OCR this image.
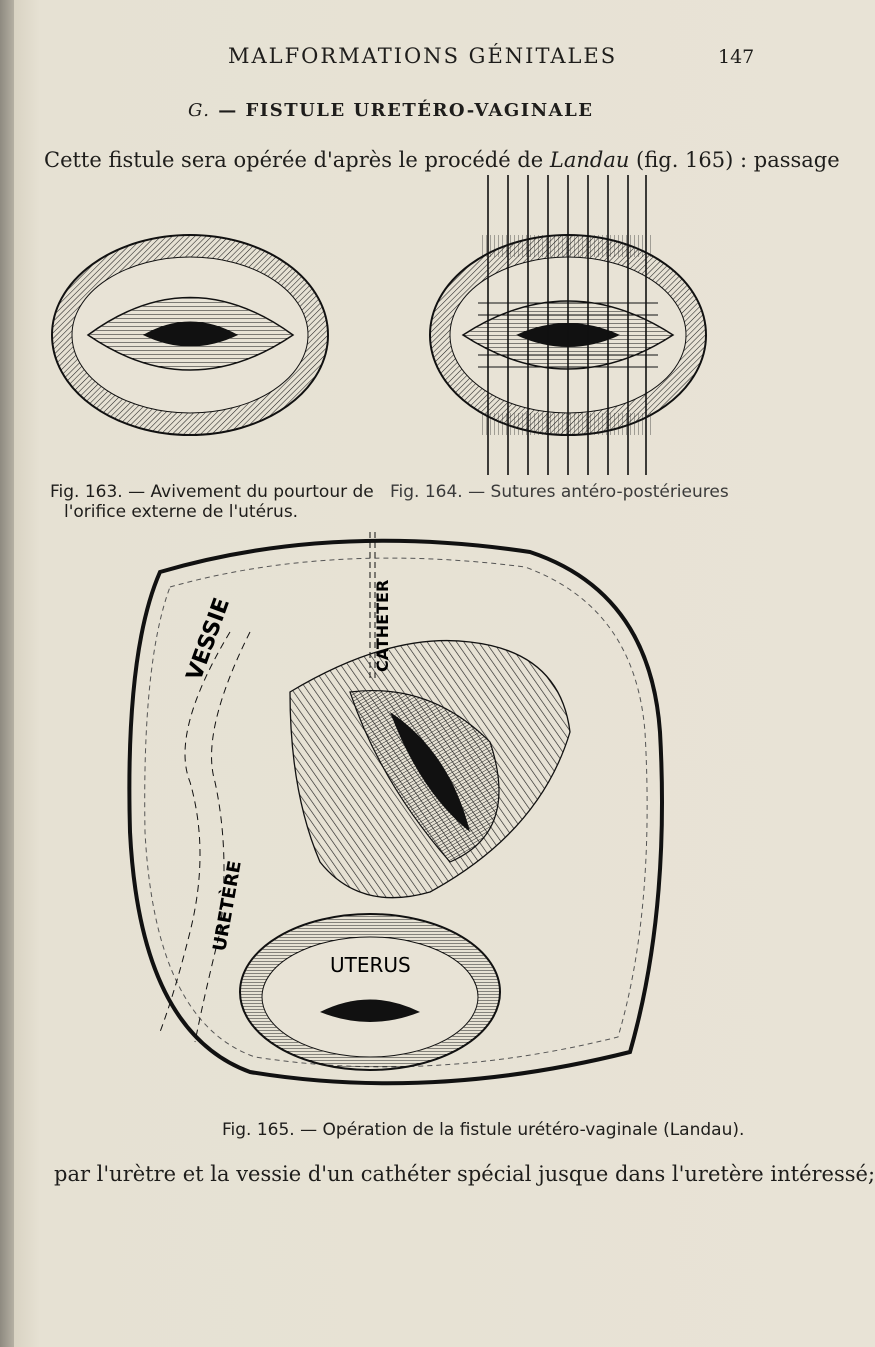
MALFORMATIONS GÉNITALES	147
G. — FISTULE URETÉRO-VAGINALE
Cette fistule sera opérée d'après le procédé de Landau (fig. 165) : passage
Fig. 163. — Avivement du pourtour de
l'orifice externe de l'utérus.
Fig. 164. — Sutures antéro-postérieures
CATHETER
VESSIE
UTERUS
URETÈRE
Fig. 165. — Opération de la fistule urétéro-vaginale (Landau).
par l'urètre et la vessie d'un cathéter spécial jusque dans l'uretère intéressé;
